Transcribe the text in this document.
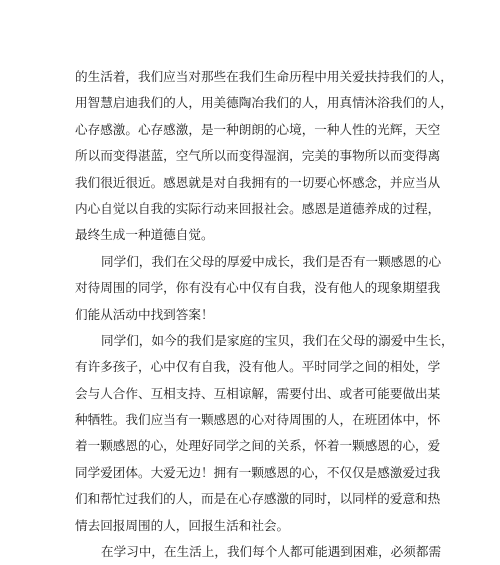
的生活着，我们应当对那些在我们生命历程中用关爱扶持我们的人，
用智慧启迪我们的人，用美德陶冶我们的人，用真情沐浴我们的人，
心存感激。心存感激，是一种朗朗的心境，一种人性的光辉，天空
所以而变得湛蓝，空气所以而变得湿润，完美的事物所以而变得离
我们很近很近。感恩就是对自我拥有的一切要心怀感念，并应当从
内心自觉以自我的实际行动来回报社会。感恩是道德养成的过程，
最终生成一种道德自觉。
同学们，我们在父母的厚爱中成长，我们是否有一颗感恩的心
对待周围的同学，你有没有心中仅有自我，没有他人的现象期望我
们能从活动中找到答案！
同学们，如今的我们是家庭的宝贝，我们在父母的溺爱中生长，
有许多孩子，心中仅有自我，没有他人。平时同学之间的相处，学
会与人合作、互相支持、互相谅解，需要付出、或者可能要做出某
种牺牲。我们应当有一颗感恩的心对待周围的人，在班团体中，怀
着一颗感恩的心，处理好同学之间的关系，怀着一颗感恩的心，爱
同学爱团体。大爱无边！拥有一颗感恩的心，不仅仅是感激爱过我
们和帮忙过我们的人，而是在心存感激的同时，以同样的爱意和热
情去回报周围的人，回报生活和社会。
在学习中，在生活上，我们每个人都可能遇到困难，必须都需
